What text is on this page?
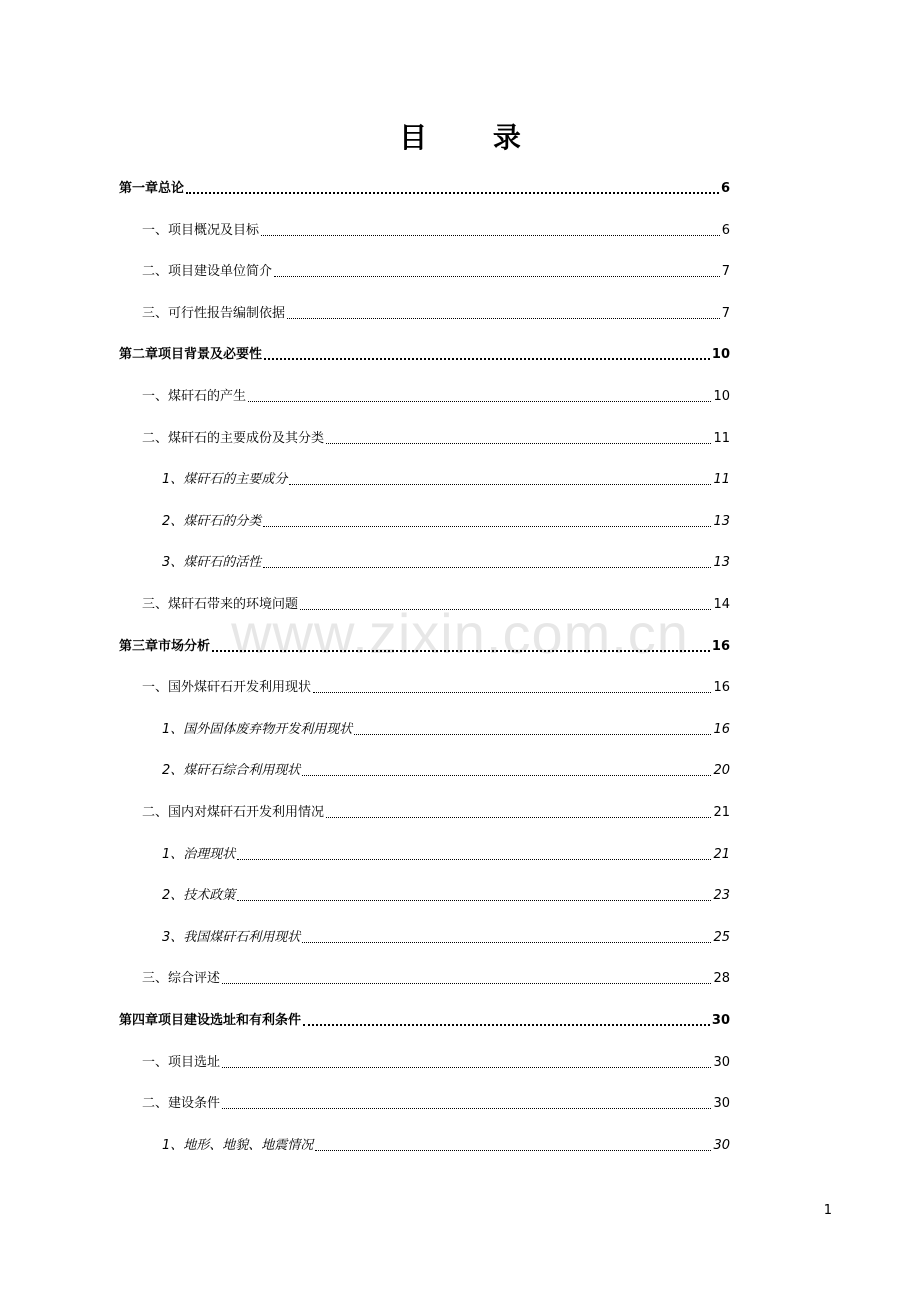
目 录
第一章总论	6
一、项目概况及目标	6
二、项目建设单位简介	7
三、可行性报告编制依据	7
第二章项目背景及必要性	10
一、煤矸石的产生	10
二、煤矸石的主要成份及其分类	11
1、煤矸石的主要成分	11
2、煤矸石的分类	13
3、煤矸石的活性	13
三、煤矸石带来的环境问题	14
第三章市场分析	16
一、国外煤矸石开发利用现状	16
1、国外固体废弃物开发利用现状	16
2、煤矸石综合利用现状	20
二、国内对煤矸石开发利用情况	21
1、治理现状	21
2、技术政策	23
3、我国煤矸石利用现状	25
三、综合评述	28
第四章项目建设选址和有利条件	30
一、项目选址	30
二、建设条件	30
1、地形、地貌、地震情况	30
www.zixin.com.cn
1
